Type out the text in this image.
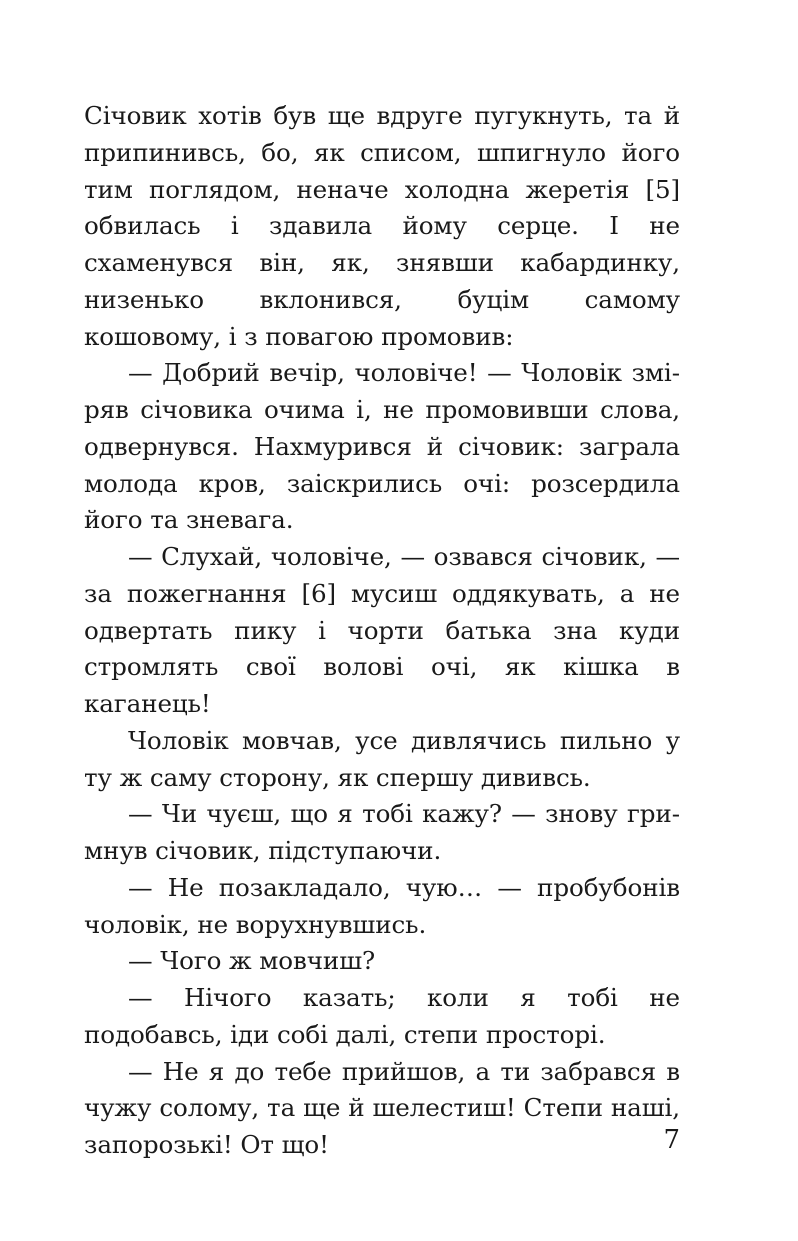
Січовик хотів був ще вдруге пугукнуть, та й припинивсь, бо, як списом, шпигнуло його тим поглядом, неначе холодна жеретія [5] обвилась і здавила йому серце. І не схаменувся він, як, знявши кабардинку, низенько вклонився, буцім самому кошовому, і з повагою промовив:

— Добрий вечір, чоловіче! — Чоловік зміряв січовика очима і, не промовивши слова, одвернувся. Нахмурився й січовик: заграла молода кров, заіскрились очі: розсердила його та зневага.

— Слухай, чоловіче, — озвався січовик, — за пожегнання [6] мусиш оддякувать, а не одвертать пику і чорти батька зна куди стромлять свої волові очі, як кішка в каганець!

Чоловік мовчав, усе дивлячись пильно у ту ж саму сторону, як спершу дививсь.

— Чи чуєш, що я тобі кажу? — знову гримнув січовик, підступаючи.

— Не позакладало, чую… — пробубонів чоловік, не ворухнувшись.

— Чого ж мовчиш?

— Нічого казать; коли я тобі не подобавсь, іди собі далі, степи просторі.

— Не я до тебе прийшов, а ти забрався в чужу солому, та ще й шелестиш! Степи наші, запорозькі! От що!	7
